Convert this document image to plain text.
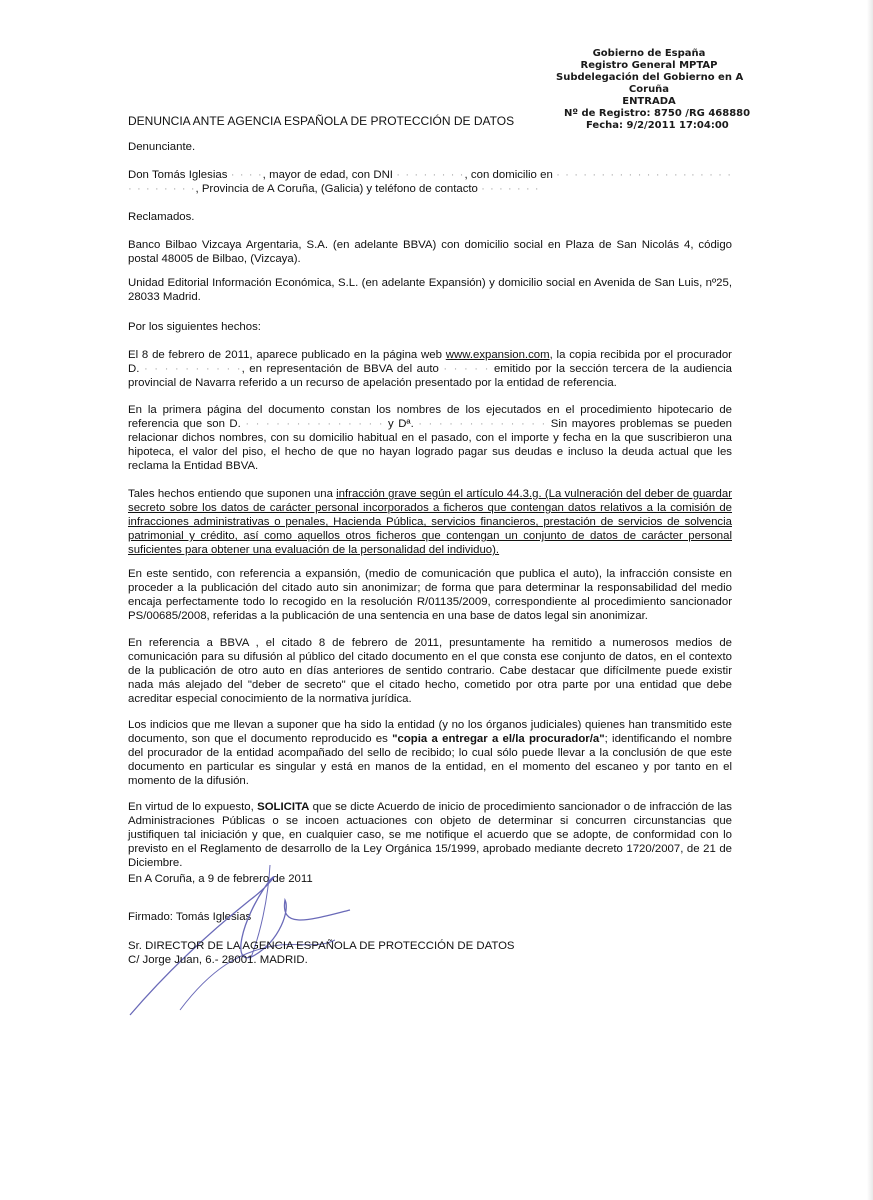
Gobierno de España
Registro General MPTAP
Subdelegación del Gobierno en A
Coruña
ENTRADA
Nº de Registro: 8750 /RG 468880
Fecha: 9/2/2011 17:04:00
DENUNCIA ANTE AGENCIA ESPAÑOLA DE PROTECCIÓN DE DATOS
Denunciante.
Don Tomás Iglesias · · · ·, mayor de edad, con DNI · · · · · · · ·, con domicilio en · · · · · · · · · · · · · · · · · · · · · · · · · · · ·, Provincia de A Coruña, (Galicia) y teléfono de contacto · · · · · · ·
Reclamados.
Banco Bilbao Vizcaya Argentaria, S.A. (en adelante BBVA) con domicilio social en Plaza de San Nicolás 4, código postal 48005 de Bilbao, (Vizcaya).
Unidad Editorial Información Económica, S.L. (en adelante Expansión) y domicilio social en Avenida de San Luis, nº25, 28033 Madrid.
Por los siguientes hechos:
El 8 de febrero de 2011, aparece publicado en la página web www.expansion.com, la copia recibida por el procurador D. · · · · · · · · · ·, en representación de BBVA del auto · · · · · emitido por la sección tercera de la audiencia provincial de Navarra referido a un recurso de apelación presentado por la entidad de referencia.
En la primera página del documento constan los nombres de los ejecutados en el procedimiento hipotecario de referencia que son D. · · · · · · · · · · · · · · y Dª. · · · · · · · · · · · · · Sin mayores problemas se pueden relacionar dichos nombres, con su domicilio habitual en el pasado, con el importe y fecha en la que suscribieron una hipoteca, el valor del piso, el hecho de que no hayan logrado pagar sus deudas e incluso la deuda actual que les reclama la Entidad BBVA.
Tales hechos entiendo que suponen una infracción grave según el artículo 44.3.g. (La vulneración del deber de guardar secreto sobre los datos de carácter personal incorporados a ficheros que contengan datos relativos a la comisión de infracciones administrativas o penales, Hacienda Pública, servicios financieros, prestación de servicios de solvencia patrimonial y crédito, así como aquellos otros ficheros que contengan un conjunto de datos de carácter personal suficientes para obtener una evaluación de la personalidad del individuo).
En este sentido, con referencia a expansión, (medio de comunicación que publica el auto), la infracción consiste en proceder a la publicación del citado auto sin anonimizar; de forma que para determinar la responsabilidad del medio encaja perfectamente todo lo recogido en la resolución R/01135/2009, correspondiente al procedimiento sancionador PS/00685/2008, referidas a la publicación de una sentencia en una base de datos legal sin anonimizar.
En referencia a BBVA , el citado 8 de febrero de 2011, presuntamente ha remitido a numerosos medios de comunicación para su difusión al público del citado documento en el que consta ese conjunto de datos, en el contexto de la publicación de otro auto en días anteriores de sentido contrario. Cabe destacar que difícilmente puede existir nada más alejado del "deber de secreto" que el citado hecho, cometido por otra parte por una entidad que debe acreditar especial conocimiento de la normativa jurídica.
Los indicios que me llevan a suponer que ha sido la entidad (y no los órganos judiciales) quienes han transmitido este documento, son que el documento reproducido es "copia a entregar a el/la procurador/a"; identificando el nombre del procurador de la entidad acompañado del sello de recibido; lo cual sólo puede llevar a la conclusión de que este documento en particular es singular y está en manos de la entidad, en el momento del escaneo y por tanto en el momento de la difusión.
En virtud de lo expuesto, SOLICITA que se dicte Acuerdo de inicio de procedimiento sancionador o de infracción de las Administraciones Públicas o se incoen actuaciones con objeto de determinar si concurren circunstancias que justifiquen tal iniciación y que, en cualquier caso, se me notifique el acuerdo que se adopte, de conformidad con lo previsto en el Reglamento de desarrollo de la Ley Orgánica 15/1999, aprobado mediante decreto 1720/2007, de 21 de Diciembre.
En A Coruña, a 9 de febrero de 2011
Firmado: Tomás Iglesias
Sr. DIRECTOR DE LA AGENCIA ESPAÑOLA DE PROTECCIÓN DE DATOS
C/ Jorge Juan, 6.- 28001. MADRID.
